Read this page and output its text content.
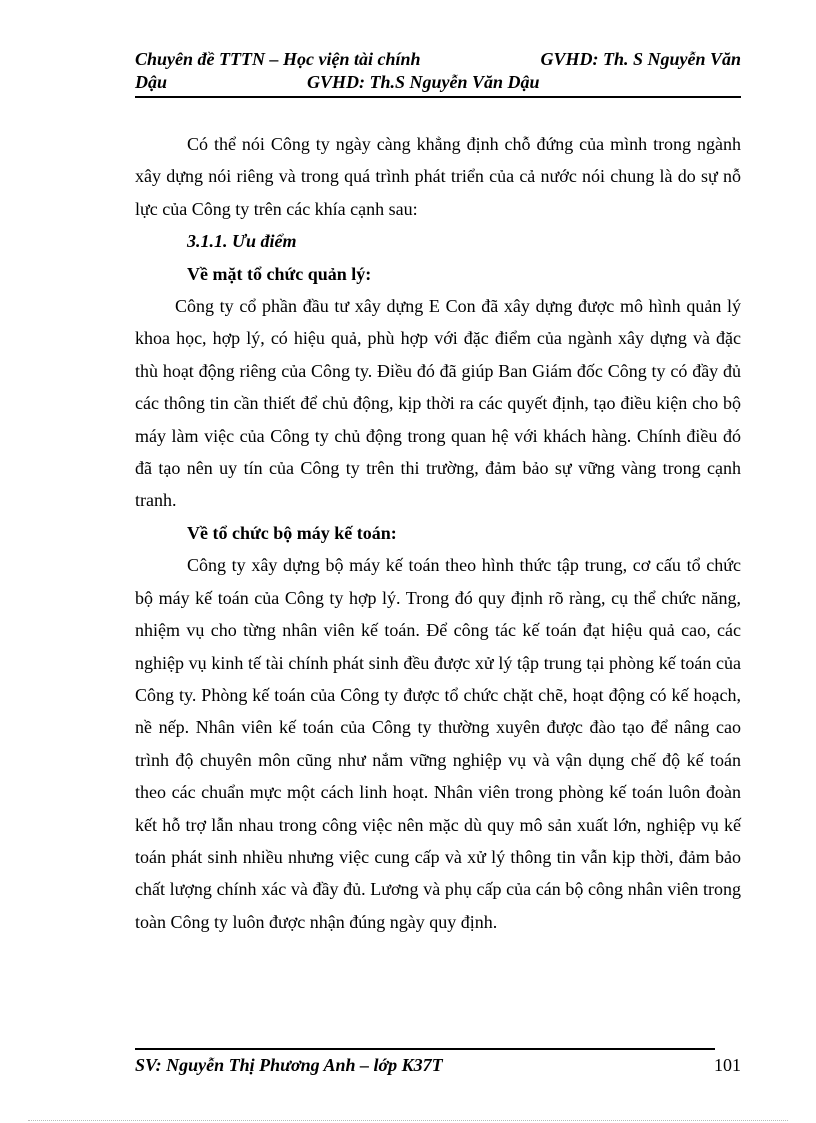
Chuyên đề TTTN – Học viện tài chính	GVHD: Th. S Nguyễn Văn
Dậu	GVHD: Th.S Nguyễn Văn Dậu

Có thể nói Công ty ngày càng khẳng định chỗ đứng của mình trong ngành xây dựng nói riêng và trong quá trình phát triển của cả nước nói chung là do sự nỗ lực của Công ty trên các khía cạnh sau:

3.1.1. Ưu điểm

Về mặt tổ chức quản lý:

Công ty cổ phần đầu tư xây dựng E Con đã xây dựng được mô hình quản lý khoa học, hợp lý, có hiệu quả, phù hợp với đặc điểm của ngành xây dựng và đặc thù hoạt động riêng của Công ty. Điều đó đã giúp Ban Giám đốc Công ty có đầy đủ các thông tin cần thiết để chủ động, kịp thời ra các quyết định, tạo điều kiện cho bộ máy làm việc của Công ty chủ động trong quan hệ với khách hàng. Chính điều đó đã tạo nên uy tín của Công ty trên thi trường, đảm bảo sự vững vàng trong cạnh tranh.

Về tổ chức bộ máy kế toán:

Công ty xây dựng bộ máy kế toán theo hình thức tập trung, cơ cấu tổ chức bộ máy kế toán của Công ty hợp lý. Trong đó quy định rõ ràng, cụ thể chức năng, nhiệm vụ cho từng nhân viên kế toán. Để công tác kế toán đạt hiệu quả cao, các nghiệp vụ kinh tế tài chính phát sinh đều được xử lý tập trung tại phòng kế toán của Công ty. Phòng kế toán của Công ty được tổ chức chặt chẽ, hoạt động có kế hoạch, nề nếp. Nhân viên kế toán của Công ty thường xuyên được đào tạo để nâng cao trình độ chuyên môn cũng như nắm vững nghiệp vụ và vận dụng chế độ kế toán theo các chuẩn mực một cách linh hoạt. Nhân viên trong phòng kế toán luôn đoàn kết hỗ trợ lẫn nhau trong công việc nên mặc dù quy mô sản xuất lớn, nghiệp vụ kế toán phát sinh nhiều nhưng việc cung cấp và xử lý thông tin vẫn kịp thời, đảm bảo chất lượng chính xác và đầy đủ. Lương và phụ cấp của cán bộ công nhân viên trong toàn Công ty luôn được nhận đúng ngày quy định.

SV: Nguyễn Thị Phương Anh – lớp K37T	101
